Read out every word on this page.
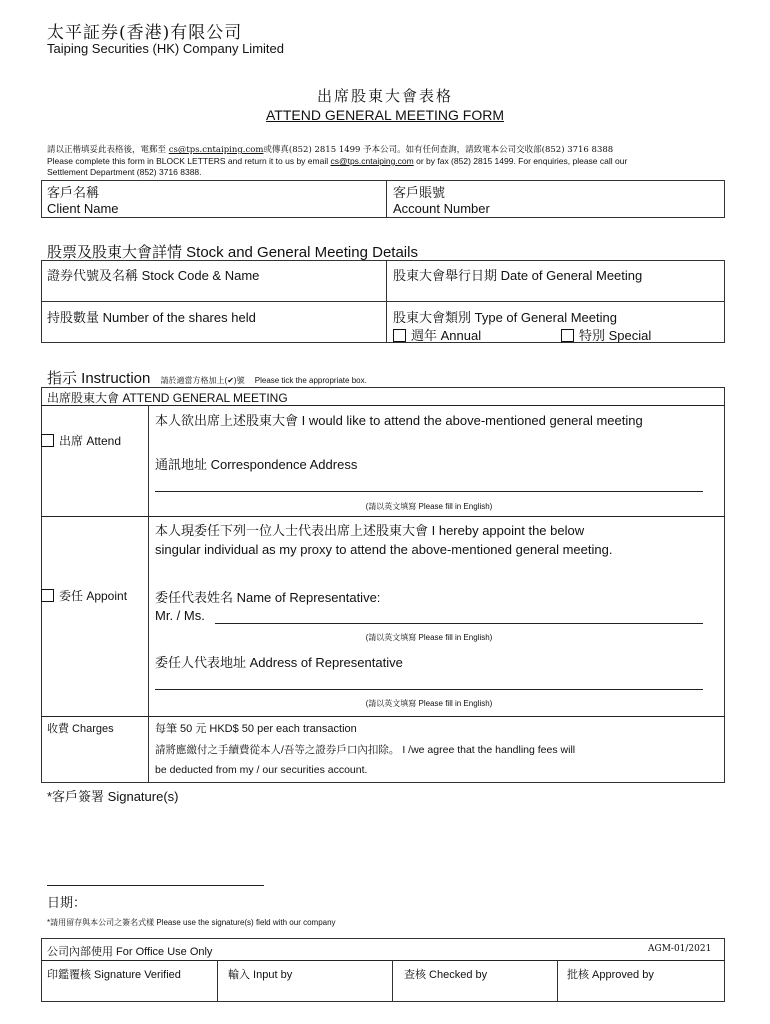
太平証券(香港)有限公司
Taiping Securities (HK) Company Limited
出席股東大會表格
ATTEND GENERAL MEETING FORM
請以正楷填妥此表格後，電郵至 cs@tps.cntaiping.com或傳真(852) 2815 1499 予本公司。如有任何查詢，請致電本公司交收部(852) 3716 8388
Please complete this form in BLOCK LETTERS and return it to us by email cs@tps.cntaiping.com or by fax (852) 2815 1499. For enquiries, please call our
Settlement Department (852) 3716 8388.
客戶名稱
Client Name
客戶賬號
Account Number
股票及股東大會詳情 Stock and General Meeting Details
證券代號及名稱 Stock Code & Name	股東大會舉行日期 Date of General Meeting
持股數量 Number of the shares held	股東大會類別 Type of General Meeting
週年 Annual	特別 Special
指示 Instruction 請於適當方格加上(✔)號 Please tick the appropriate box.
出席股東大會 ATTEND GENERAL MEETING
出席 Attend
本人欲出席上述股東大會 I would like to attend the above-mentioned general meeting
通訊地址 Correspondence Address
(請以英文填寫 Please fill in English)
本人現委任下列一位人士代表出席上述股東大會 I hereby appoint the below
singular individual as my proxy to attend the above-mentioned general meeting.
委任 Appoint 委任代表姓名 Name of Representative:
Mr. / Ms.
(請以英文填寫 Please fill in English)
委任人代表地址 Address of Representative
(請以英文填寫 Please fill in English)
收費 Charges	每筆 50 元 HKD$ 50 per each transaction
請將應繳付之手續費從本人/吾等之證券戶口內扣除。 I /we agree that the handling fees will
be deducted from my / our securities account.
*客戶簽署 Signature(s)
日期：
*請用留存與本公司之簽名式樣 Please use the signature(s) field with our company
公司內部使用 For Office Use Only	AGM-01/2021
印鑑覆核 Signature Verified	輸入 Input by	查核 Checked by	批核 Approved by
